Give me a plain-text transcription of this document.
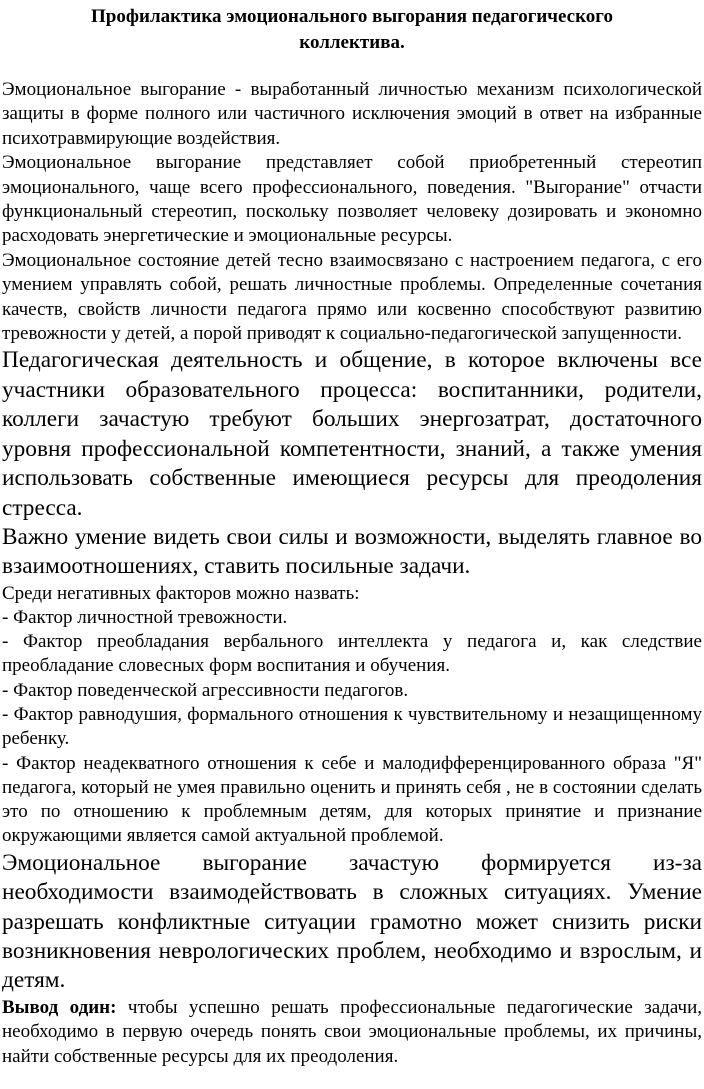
Профилактика эмоционального выгорания педагогического коллектива.

Эмоциональное выгорание - выработанный личностью механизм психологической защиты в форме полного или частичного исключения эмоций в ответ на избранные психотравмирующие воздействия.

Эмоциональное выгорание представляет собой приобретенный стереотип эмоционального, чаще всего профессионального, поведения. "Выгорание" отчасти функциональный стереотип, поскольку позволяет человеку дозировать и экономно расходовать энергетические и эмоциональные ресурсы.

Эмоциональное состояние детей тесно взаимосвязано с настроением педагога, с его умением управлять собой, решать личностные проблемы. Определенные сочетания качеств, свойств личности педагога прямо или косвенно способствуют развитию тревожности у детей, а порой приводят к социально-педагогической запущенности.

Педагогическая деятельность и общение, в которое включены все участники образовательного процесса: воспитанники, родители, коллеги зачастую требуют больших энергозатрат, достаточного уровня профессиональной компетентности, знаний, а также умения использовать собственные имеющиеся ресурсы для преодоления стресса.

Важно умение видеть свои силы и возможности, выделять главное во взаимоотношениях, ставить посильные задачи.

Среди негативных факторов можно назвать:

- Фактор личностной тревожности.

- Фактор преобладания вербального интеллекта у педагога и, как следствие преобладание словесных форм воспитания и обучения.

- Фактор поведенческой агрессивности педагогов.

- Фактор равнодушия, формального отношения к чувствительному и незащищенному ребенку.

- Фактор неадекватного отношения к себе и малодифференцированного образа "Я" педагога, который не умея правильно оценить и принять себя , не в состоянии сделать это по отношению к проблемным детям, для которых принятие и признание окружающими является самой актуальной проблемой.

Эмоциональное выгорание зачастую формируется из-за необходимости взаимодействовать в сложных ситуациях. Умение разрешать конфликтные ситуации грамотно может снизить риски возникновения неврологических проблем, необходимо и взрослым, и детям.

Вывод один: чтобы успешно решать профессиональные педагогические задачи, необходимо в первую очередь понять свои эмоциональные проблемы, их причины, найти собственные ресурсы для их преодоления.
